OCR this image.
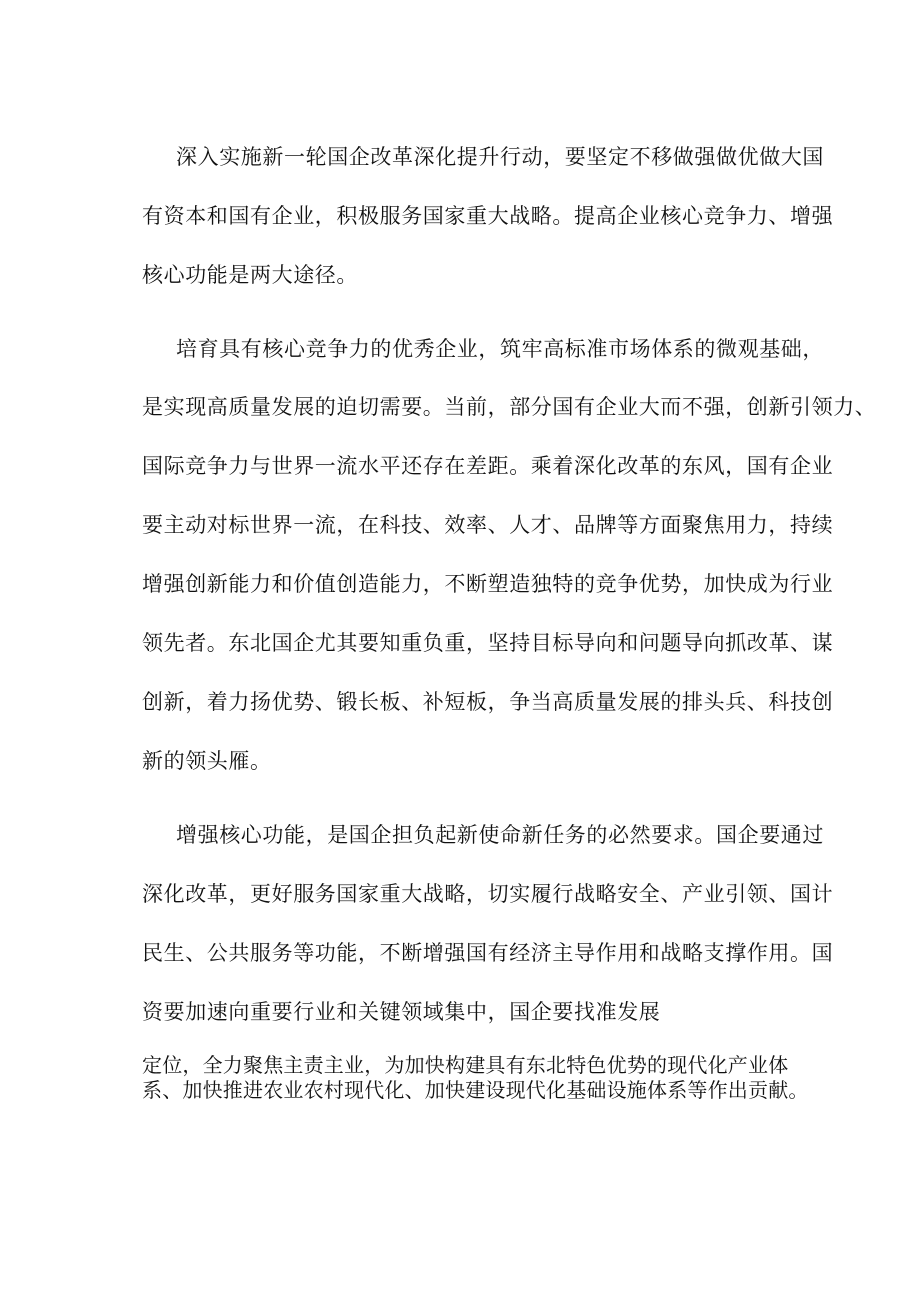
深入实施新一轮国企改革深化提升行动，要坚定不移做强做优做大国
有资本和国有企业，积极服务国家重大战略。提高企业核心竞争力、增强
核心功能是两大途径。
培育具有核心竞争力的优秀企业，筑牢高标准市场体系的微观基础，
是实现高质量发展的迫切需要。当前，部分国有企业大而不强，创新引领力、
国际竞争力与世界一流水平还存在差距。乘着深化改革的东风，国有企业
要主动对标世界一流，在科技、效率、人才、品牌等方面聚焦用力，持续
增强创新能力和价值创造能力，不断塑造独特的竞争优势，加快成为行业
领先者。东北国企尤其要知重负重，坚持目标导向和问题导向抓改革、谋
创新，着力扬优势、锻长板、补短板，争当高质量发展的排头兵、科技创
新的领头雁。
增强核心功能，是国企担负起新使命新任务的必然要求。国企要通过
深化改革，更好服务国家重大战略，切实履行战略安全、产业引领、国计
民生、公共服务等功能，不断增强国有经济主导作用和战略支撑作用。国
资要加速向重要行业和关键领域集中，国企要找准发展
定位，全力聚焦主责主业，为加快构建具有东北特色优势的现代化产业体
系、加快推进农业农村现代化、加快建设现代化基础设施体系等作出贡献。
